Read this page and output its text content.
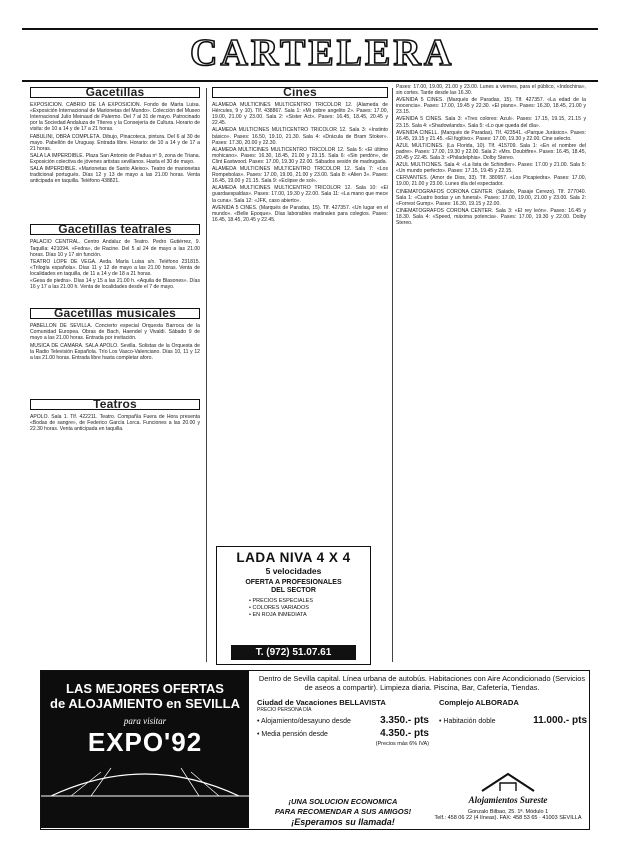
CARTELERA
Gacetillas

EXPOSICION. CABRIO DE LA EXPOSICION. Fondo de Marta Luisa. «Exposición Internacional de Marionetas del Mundo». Colección del Museo Internacional Julio Meinaud de Palermo. Del 7 al 31 de mayo. Patrocinado por la Sociedad Andaluza de Títeres y la Consejería de Cultura. Horario de visita: de 10 a 14 y de 17 a 21 horas.

FABULINI, OBRA COMPLETA. Dibujo, Pinacoteca, pintura. Del 6 al 30 de mayo. Pabellón de Uruguay. Entrada libre. Horario: de 10 a 14 y de 17 a 21 horas.

SALA LA IMPERDIBLE. Plaza San Antonio de Padua nº 9, zona de Triana. Exposición colectiva de jóvenes artistas sevillanos. Hasta el 30 de mayo.

SALA IMPERDIBLE. «Marionetas de Santo Aleixo». Teatro de marionetas tradicional portugués. Días 12 y 13 de mayo a las 21.00 horas. Venta anticipada en taquilla. Teléfono 438821.

Gacetillas teatrales

PALACIO CENTRAL. Centro Andaluz de Teatro. Pedro Gutiérrez, 9. Taquilla: 421094. «Fedra», de Racine. Del 5 al 24 de mayo a las 21.00 horas. Días 10 y 17 sin función.

TEATRO LOPE DE VEGA. Avda. María Luisa s/n. Teléfono 231815. «Trilogía española». Días 11 y 12 de mayo a las 21.00 horas. Venta de localidades en taquilla, de 11 a 14 y de 18 a 21 horas.

«Gesa de piedra». Días 14 y 15 a las 21.00 h. «Aquila de Blasones». Días 16 y 17 a las 21.00 h. Venta de localidades desde el 7 de mayo.

Gacetillas musicales

PABELLON DE SEVILLA. Concierto especial Orquesta Barroca de la Comunidad Europea. Obras de Bach, Haendel y Vivaldi. Sábado 9 de mayo a las 21.00 horas. Entrada por invitación.

MUSICA DE CAMARA. SALA APOLO. Sevilla. Solistas de la Orquesta de la Radio Televisión Española. Trío Los Vasco-Valenciano. Días 10, 11 y 12 a las 21.00 horas. Entrada libre hasta completar aforo.

Teatros

APOLO. Sala 1. Tlf. 422211. Teatro. Compañía Fuera de Hora presenta «Bodas de sangre», de Federico García Lorca. Funciones a las 20.00 y 22.30 horas. Venta anticipada en taquilla.

Cines

ALAMEDA MULTICINES MULTICENTRO TRICOLOR 12. (Alameda de Hércules, 9 y 10). Tlf. 438867. Sala 1: «Mi pobre angelito 2». Pases: 17.00, 19.00, 21.00 y 23.00. Sala 2: «Sister Act». Pases: 16.45, 18.45, 20.45 y 22.45.

ALAMEDA MULTICINES MULTICENTRO TRICOLOR 12. Sala 3: «Instinto básico». Pases: 16.50, 19.10, 21.30. Sala 4: «Drácula de Bram Stoker». Pases: 17.30, 20.00 y 22.30.

ALAMEDA MULTICINES MULTICENTRO TRICOLOR 12. Sala 5: «El último mohicano». Pases: 16.30, 18.45, 21.00 y 23.15. Sala 6: «Sin perdón», de Clint Eastwood. Pases: 17.00, 19.30 y 22.00. Sábados sesión de madrugada.

ALAMEDA MULTICINES MULTICENTRO TRICOLOR 12. Sala 7: «Los Rompebolas». Pases: 17.00, 19.00, 21.00 y 23.00. Sala 8: «Alien 3». Pases: 16.45, 19.00 y 21.15. Sala 9: «Eclipse de sol».

ALAMEDA MULTICINES MULTICENTRO TRICOLOR 12. Sala 10: «El guardaespaldas». Pases: 17.00, 19.30 y 22.00. Sala 11: «La mano que mece la cuna». Sala 12: «JFK, caso abierto».

AVENIDA 5 CINES. (Marqués de Paradas, 15). Tlf. 427357. «Un lugar en el mundo». «Belle Epoque». Días laborables matinales para colegios. Pases: 16.45, 18.45, 20.45 y 22.45.

Pases: 17.00, 19.00, 21.00 y 23.00. Lunes a viernes, para el público, «Indochina», sin cortes. Tarde desde las 16.30.

AVENIDA 5 CINES. (Marqués de Paradas, 15). Tlf. 427357. «La edad de la inocencia». Pases: 17.00, 19.45 y 22.30. «El piano». Pases: 16.30, 18.45, 21.00 y 23.15.

AVENIDA 5 CINES. Sala 3: «Tres colores: Azul». Pases: 17.15, 19.15, 21.15 y 23.15. Sala 4: «Shadowlands». Sala 5: «Lo que queda del día».

AVENIDA CINELL. (Marqués de Paradas). Tlf. 423541. «Parque Jurásico». Pases: 16.45, 19.15 y 21.45. «El fugitivo». Pases: 17.00, 19.30 y 22.00. Cine selecto.

AZUL MULTICINES. (La Florida, 10). Tlf. 415709. Sala 1: «En el nombre del padre». Pases: 17.00, 19.30 y 22.00. Sala 2: «Mrs. Doubtfire». Pases: 16.45, 18.45, 20.45 y 22.45. Sala 3: «Philadelphia». Dolby Stereo.

AZUL MULTICINES. Sala 4: «La lista de Schindler». Pases: 17.00 y 21.00. Sala 5: «Un mundo perfecto». Pases: 17.15, 19.45 y 22.15.

CERVANTES. (Amor de Dios, 33). Tlf. 380957. «Los Picapiedra». Pases: 17.00, 19.00, 21.00 y 23.00. Lunes día del espectador.

CINEMATOGRAFOS CORONA CENTER. (Salado, Pasaje Cerezo). Tlf. 277040. Sala 1: «Cuatro bodas y un funeral». Pases: 17.00, 19.00, 21.00 y 23.00. Sala 2: «Forrest Gump». Pases: 16.30, 19.15 y 22.00.

CINEMATOGRAFOS CORONA CENTER. Sala 3: «El rey león». Pases: 16.45 y 18.30. Sala 4: «Speed, máxima potencia». Pases: 17.00, 19.30 y 22.00. Dolby Stereo.

LADA NIVA 4 X 4
5 velocidades
OFERTA A PROFESIONALES
DEL SECTOR
• PRECIOS ESPECIALES
• COLORES VARIADOS
• EN ROJA INMEDIATA
T. (972) 51.07.61
LAS MEJORES OFERTAS
de ALOJAMIENTO en SEVILLA
para visitar
EXPO'92
Dentro de Sevilla capital. Línea urbana de autobús. Habitaciones con Aire Acondicionado (Servicios de aseos a compartir). Limpieza diaria. Piscina, Bar, Cafetería, Tiendas.
Ciudad de Vacaciones BELLAVISTA
PRECIO PERSONA DÍA
• Alojamiento/desayuno desde	3.350.- pts
• Media pensión desde	4.350.- pts
(Precios más 6% IVA)
Complejo ALBORADA
• Habitación doble	11.000.- pts
¡UNA SOLUCION ECONOMICA
PARA RECOMENDAR A SUS AMIGOS!
¡Esperamos su llamada!
Alojamientos Sureste
Gonzalo Bilbao, 25. 1ª. Módulo 1
Telf.: 458 06 22 (4 líneas). FAX: 458 53 65 · 41003 SEVILLA
